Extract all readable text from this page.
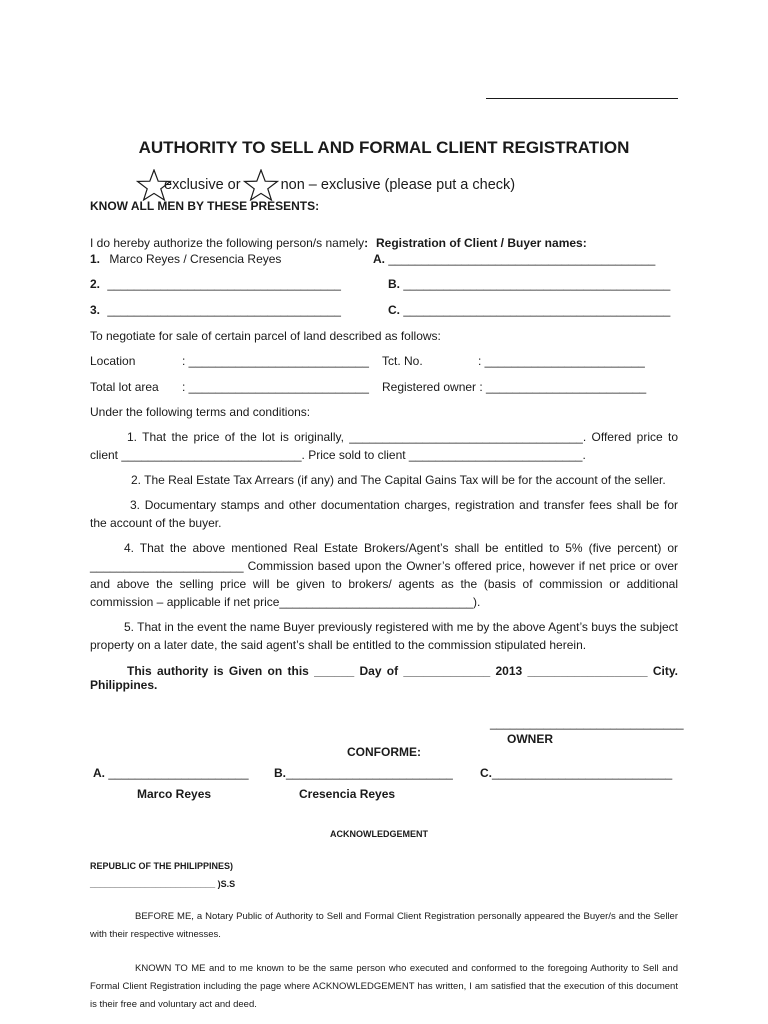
AUTHORITY TO SELL AND FORMAL CLIENT REGISTRATION
exclusive or	non – exclusive (please put a check)
KNOW ALL MEN BY THESE PRESENTS:
I do hereby authorize the following person/s namely: Registration of Client / Buyer names:
1. Marco Reyes / Cresencia Reyes	A. ________________________________________
2. ___________________________________	B. ________________________________________
3. ___________________________________	C. ________________________________________
To negotiate for sale of certain parcel of land described as follows:
Location	: ___________________________ Tct. No.	: ________________________
Total lot area : ___________________________ Registered owner : ________________________
Under the following terms and conditions:
1. That the price of the lot is originally, ___________________________________. Offered price to
client ___________________________. Price sold to client __________________________.
2. The Real Estate Tax Arrears (if any) and The Capital Gains Tax will be for the account of the seller.
3. Documentary stamps and other documentation charges, registration and transfer fees shall be for the account of the buyer.
4. That the above mentioned Real Estate Brokers/Agent’s shall be entitled to 5% (five percent) or _______________________ Commission based upon the Owner’s offered price, however if net price or over and above the selling price will be given to brokers/ agents as the (basis of commission or additional commission – applicable if net price_____________________________).
5. That in the event the name Buyer previously registered with me by the above Agent’s buys the subject property on a later date, the said agent’s shall be entitled to the commission stipulated herein.
This authority is Given on this ______ Day of _____________ 2013 __________________ City.
Philippines.
_____________________________
OWNER
CONFORME:
A. _____________________ B._________________________ C.___________________________
Marco Reyes	Cresencia Reyes
ACKNOWLEDGEMENT
REPUBLIC OF THE PHILIPPINES)
_________________________ )S.S
BEFORE ME, a Notary Public of Authority to Sell and Formal Client Registration personally appeared the Buyer/s and the Seller with their respective witnesses.
KNOWN TO ME and to me known to be the same person who executed and conformed to the foregoing Authority to Sell and Formal Client Registration including the page where ACKNOWLEDGEMENT has written, I am satisfied that the execution of this document is their free and voluntary act and deed.
